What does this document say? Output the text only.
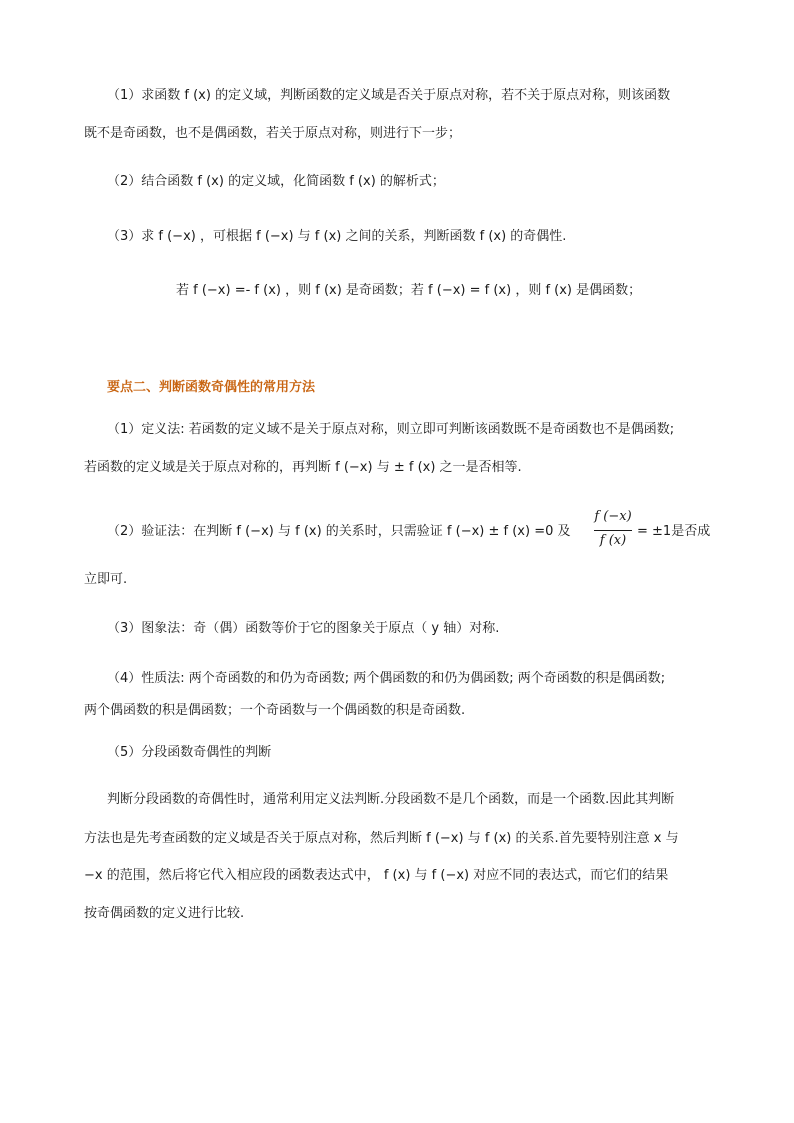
（1）求函数 f (x) 的定义域，判断函数的定义域是否关于原点对称，若不关于原点对称，则该函数
既不是奇函数，也不是偶函数，若关于原点对称，则进行下一步；
（2）结合函数 f (x) 的定义域，化简函数 f (x) 的解析式；
（3）求 f (−x) ，可根据 f (−x) 与 f (x) 之间的关系，判断函数 f (x) 的奇偶性.
若 f (−x) =- f (x) ，则 f (x) 是奇函数；若 f (−x) = f (x) ，则 f (x) 是偶函数；
要点二、判断函数奇偶性的常用方法
（1）定义法: 若函数的定义域不是关于原点对称，则立即可判断该函数既不是奇函数也不是偶函数;
若函数的定义域是关于原点对称的，再判断 f (−x) 与 ± f (x) 之一是否相等.
（2）验证法：在判断 f (−x) 与 f (x) 的关系时，只需验证 f (−x) ± f (x) =0 及
f (−x)
f (x)
= ±1是否成
立即可.
（3）图象法：奇（偶）函数等价于它的图象关于原点（ y 轴）对称.
（4）性质法: 两个奇函数的和仍为奇函数; 两个偶函数的和仍为偶函数; 两个奇函数的积是偶函数;
两个偶函数的积是偶函数；一个奇函数与一个偶函数的积是奇函数.
（5）分段函数奇偶性的判断
判断分段函数的奇偶性时，通常利用定义法判断.分段函数不是几个函数，而是一个函数.因此其判断
方法也是先考查函数的定义域是否关于原点对称，然后判断 f (−x) 与 f (x) 的关系.首先要特别注意 x 与
−x 的范围，然后将它代入相应段的函数表达式中， f (x) 与 f (−x) 对应不同的表达式，而它们的结果
按奇偶函数的定义进行比较.
